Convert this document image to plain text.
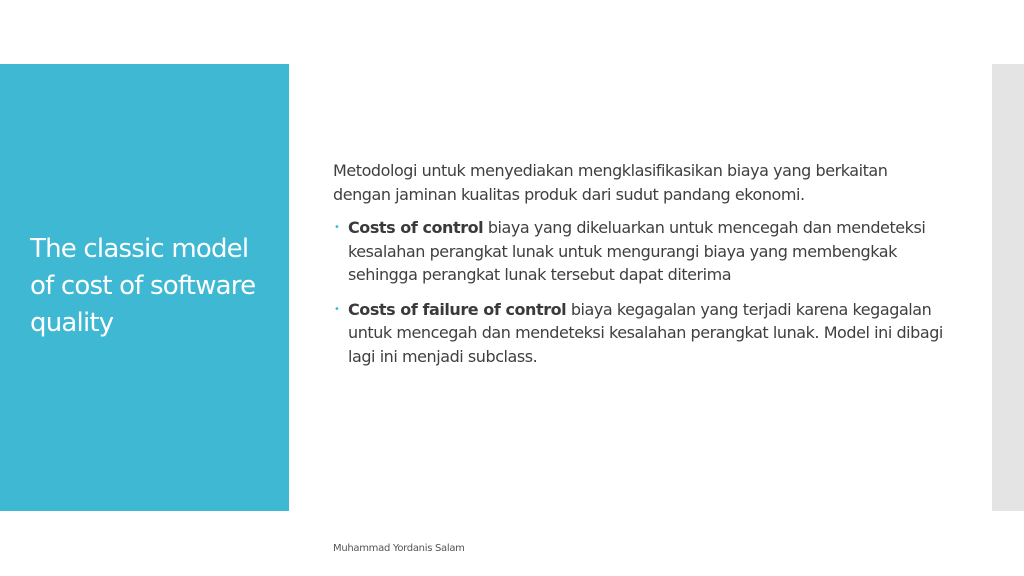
The classic model of cost of software quality

Metodologi untuk menyediakan mengklasifikasikan biaya yang berkaitan dengan jaminan kualitas produk dari sudut pandang ekonomi.

• Costs of control biaya yang dikeluarkan untuk mencegah dan mendeteksi kesalahan perangkat lunak untuk mengurangi biaya yang membengkak sehingga perangkat lunak tersebut dapat diterima
• Costs of failure of control biaya kegagalan yang terjadi karena kegagalan untuk mencegah dan mendeteksi kesalahan perangkat lunak. Model ini dibagi lagi ini menjadi subclass.
Muhammad Yordanis Salam
